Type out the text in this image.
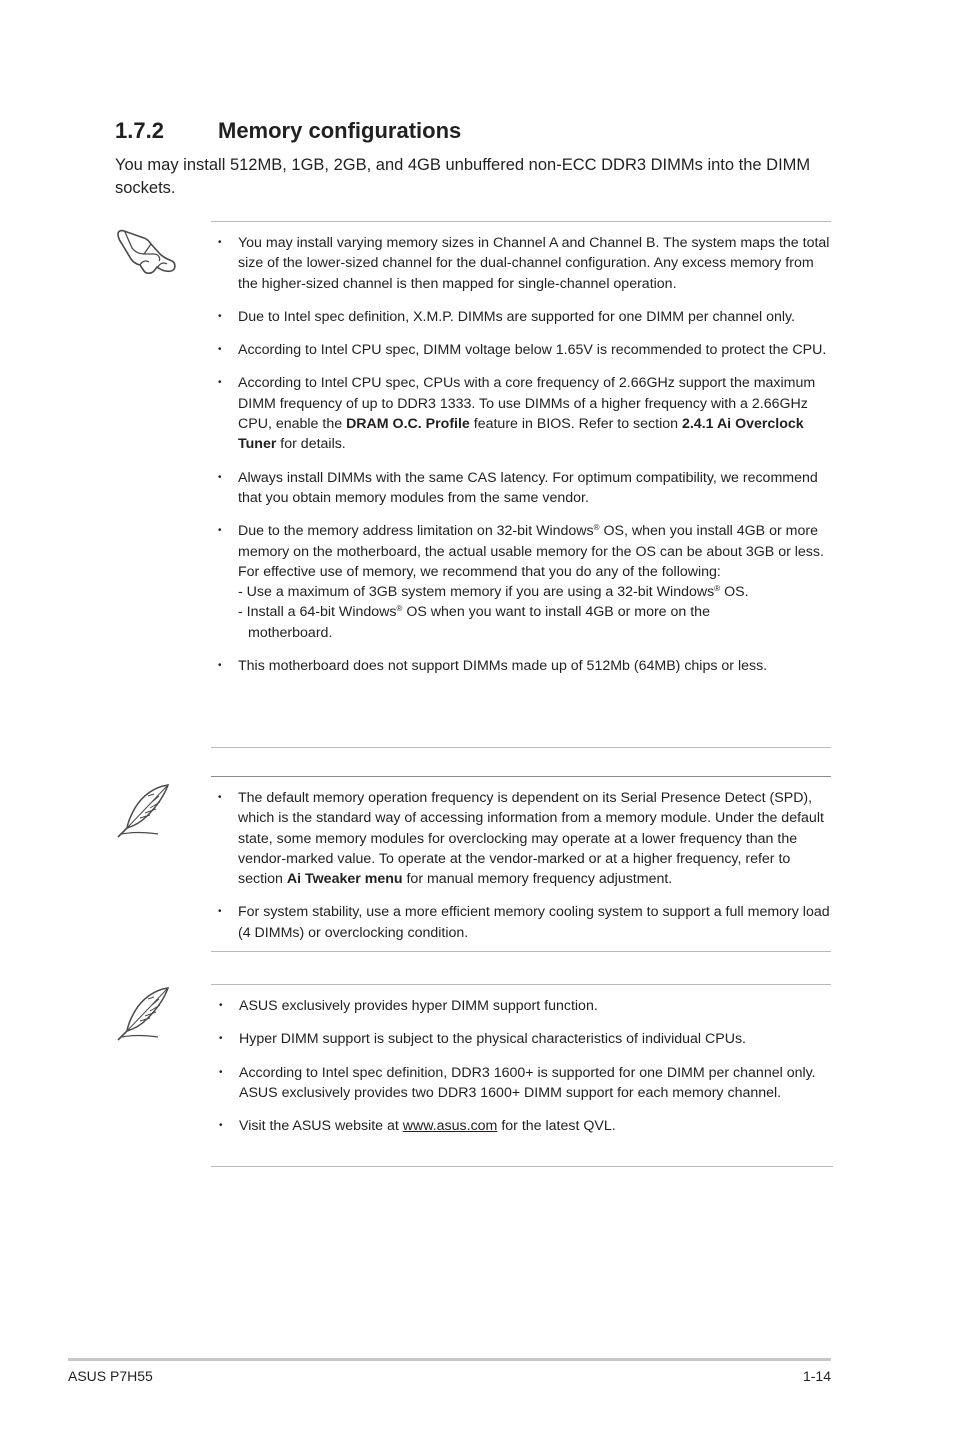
1.7.2 Memory configurations
You may install 512MB, 1GB, 2GB, and 4GB unbuffered non-ECC DDR3 DIMMs into the DIMM sockets.
• You may install varying memory sizes in Channel A and Channel B. The system maps the total size of the lower-sized channel for the dual-channel configuration. Any excess memory from the higher-sized channel is then mapped for single-channel operation.
• Due to Intel spec definition, X.M.P. DIMMs are supported for one DIMM per channel only.
• According to Intel CPU spec, DIMM voltage below 1.65V is recommended to protect the CPU.
• According to Intel CPU spec, CPUs with a core frequency of 2.66GHz support the maximum DIMM frequency of up to DDR3 1333. To use DIMMs of a higher frequency with a 2.66GHz CPU, enable the DRAM O.C. Profile feature in BIOS. Refer to section 2.4.1 Ai Overclock Tuner for details.
• Always install DIMMs with the same CAS latency. For optimum compatibility, we recommend that you obtain memory modules from the same vendor.
• Due to the memory address limitation on 32-bit Windows® OS, when you install 4GB or more memory on the motherboard, the actual usable memory for the OS can be about 3GB or less. For effective use of memory, we recommend that you do any of the following:
- Use a maximum of 3GB system memory if you are using a 32-bit Windows® OS.
- Install a 64-bit Windows® OS when you want to install 4GB or more on the
motherboard.
• This motherboard does not support DIMMs made up of 512Mb (64MB) chips or less.
• The default memory operation frequency is dependent on its Serial Presence Detect (SPD), which is the standard way of accessing information from a memory module. Under the default state, some memory modules for overclocking may operate at a lower frequency than the vendor-marked value. To operate at the vendor-marked or at a higher frequency, refer to section Ai Tweaker menu for manual memory frequency adjustment.
• For system stability, use a more efficient memory cooling system to support a full memory load (4 DIMMs) or overclocking condition.
• ASUS exclusively provides hyper DIMM support function.
• Hyper DIMM support is subject to the physical characteristics of individual CPUs.
• According to Intel spec definition, DDR3 1600+ is supported for one DIMM per channel only. ASUS exclusively provides two DDR3 1600+ DIMM support for each memory channel.
• Visit the ASUS website at www.asus.com for the latest QVL.
ASUS P7H55	1-14
